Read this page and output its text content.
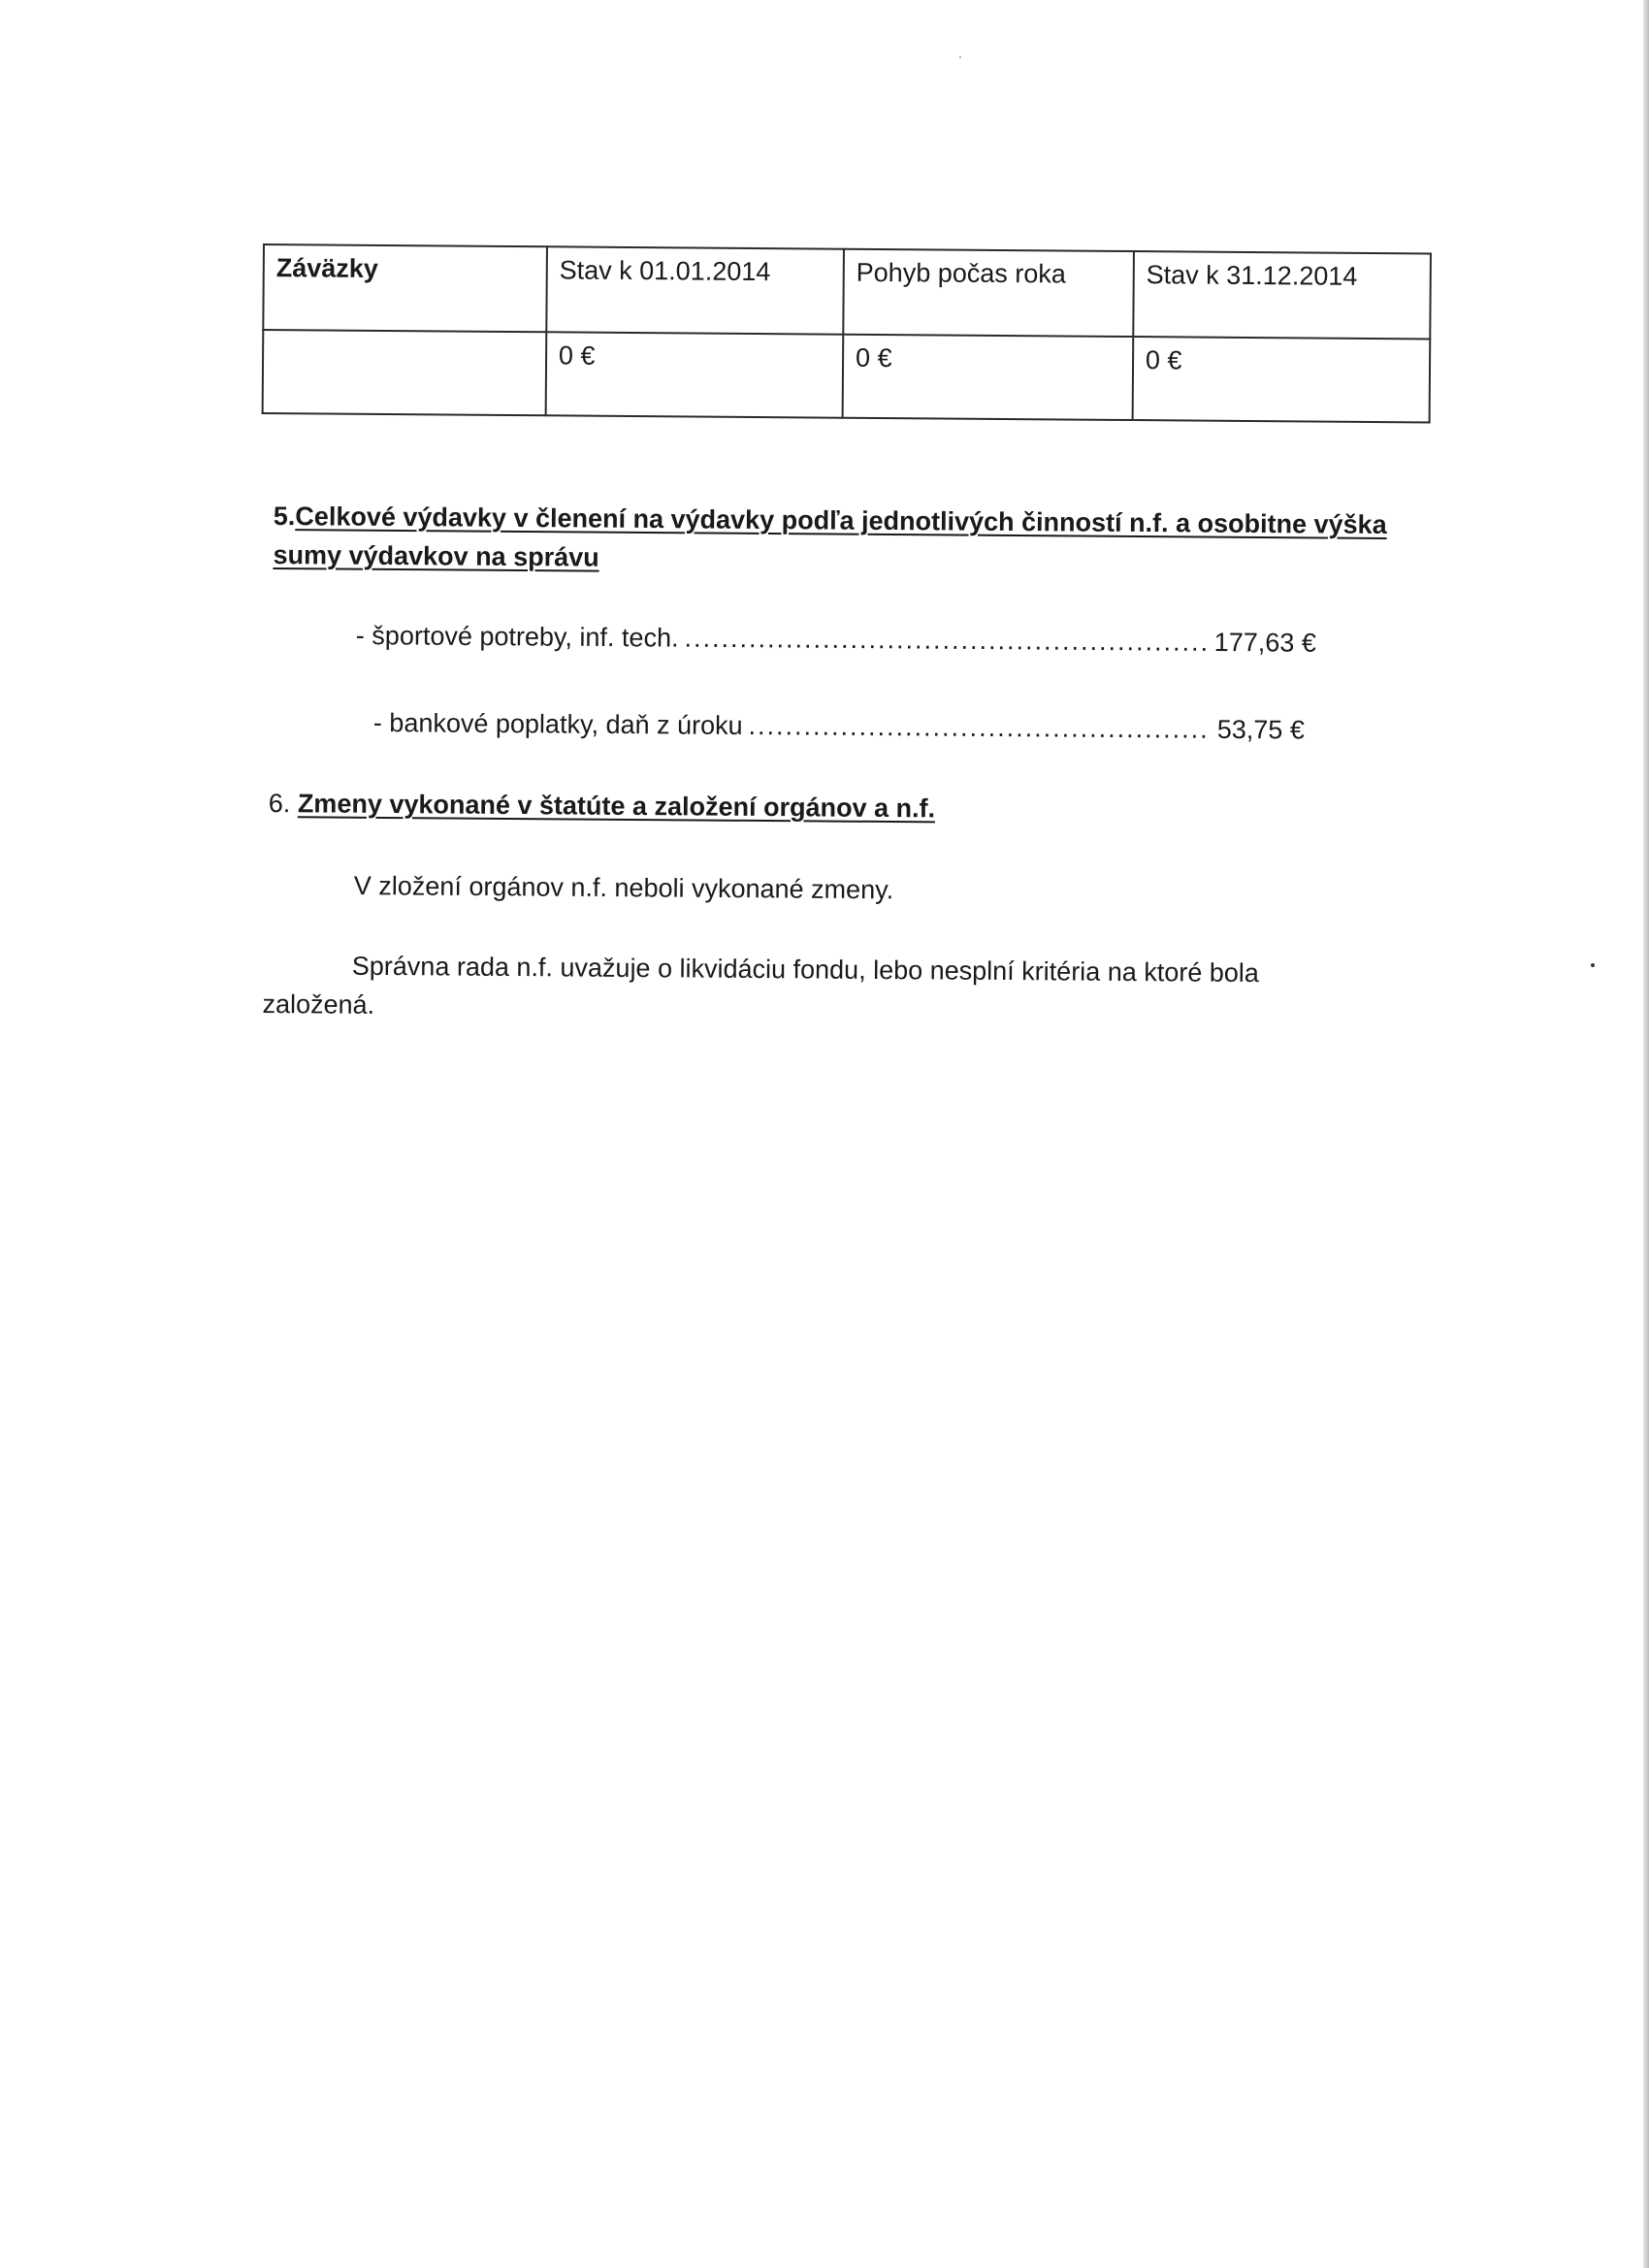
Záväzky	Stav k 01.01.2014	Pohyb počas roka	Stav k 31.12.2014
	0 €	0 €	0 €
5.Celkové výdavky v členení na výdavky podľa jednotlivých činností n.f. a osobitne výška sumy výdavkov na správu
- športové potreby, inf. tech. .....	177,63 €
- bankové poplatky, daň z úroku .....	53,75 €
6. Zmeny vykonané v štatúte a založení orgánov a n.f.
V zložení orgánov n.f. neboli vykonané zmeny.
Správna rada n.f. uvažuje o likvidáciu fondu, lebo nesplní kritéria na ktoré bola založená.
